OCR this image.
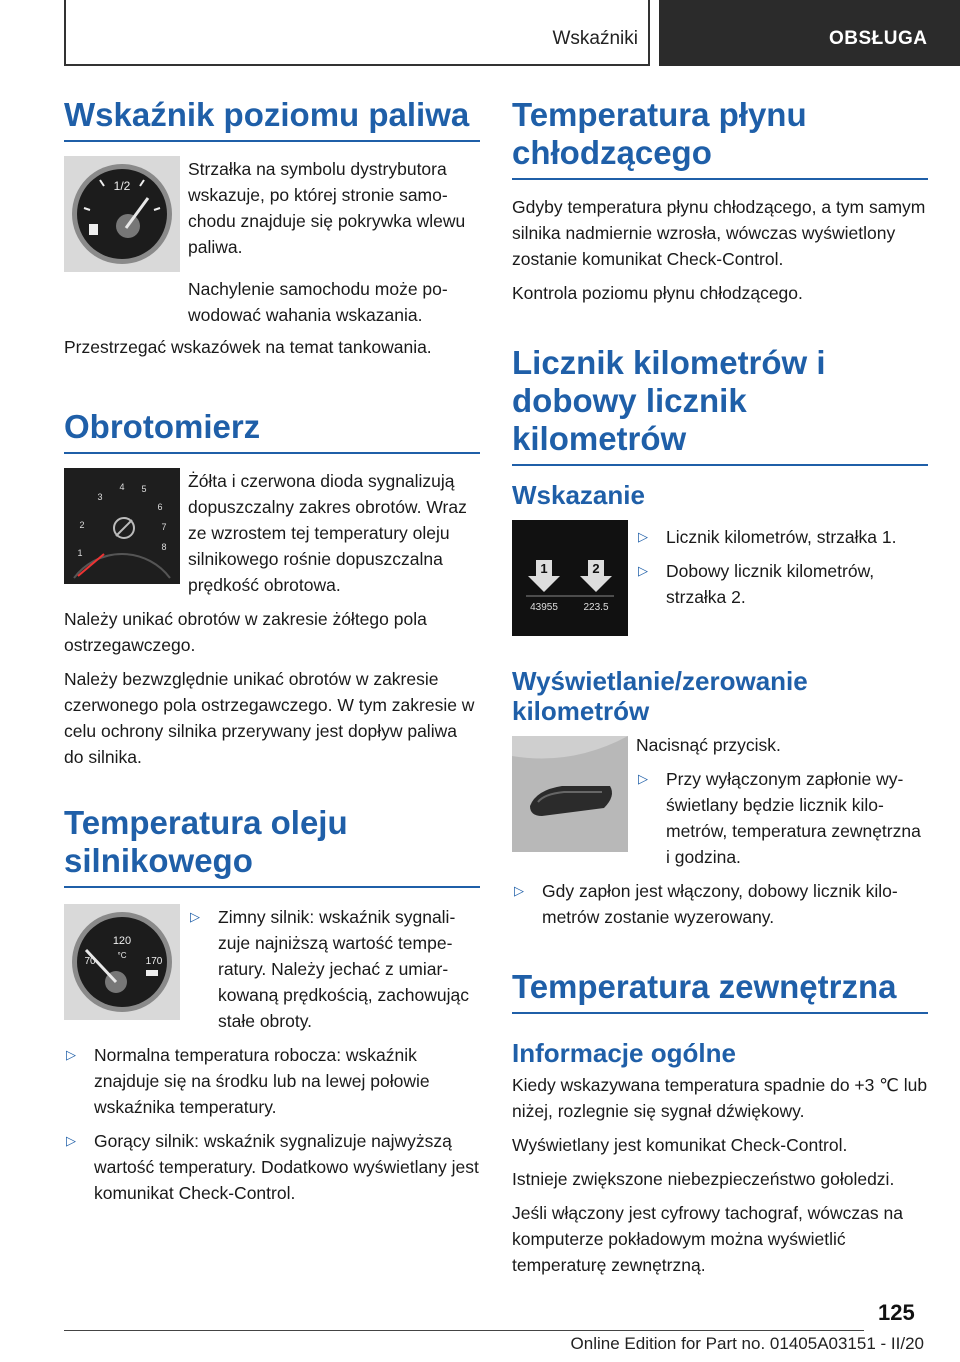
Wskaźniki	OBSŁUGA
Wskaźnik poziomu paliwa
1/2

Strzałka na symbolu dystrybutora wskazuje, po której stronie samochodu znajduje się pokrywka wlewu paliwa.

Nachylenie samochodu może powodować wahania wskazania.

Przestrzegać wskazówek na temat tankowania.

Obrotomierz
1
2
3
4 5
6
7
8

Żółta i czerwona dioda sygnalizują dopuszczalny zakres obrotów. Wraz ze wzrostem tej temperatury oleju silnikowego rośnie dopuszczalna prędkość obrotowa.

Należy unikać obrotów w zakresie żółtego pola ostrzegawczego.

Należy bezwzględnie unikać obrotów w zakresie czerwonego pola ostrzegawczego. W tym zakresie w celu ochrony silnika przerywany jest dopływ paliwa do silnika.

Temperatura oleju silnikowego
120
°C
70	170
▷ Zimny silnik: wskaźnik sygnalizuje najniższą wartość temperatury. Należy jechać z umiarkowaną prędkością, zachowując stałe obroty.
▷ Normalna temperatura robocza: wskaźnik znajduje się na środku lub na lewej połowie wskaźnika temperatury.
▷ Gorący silnik: wskaźnik sygnalizuje najwyższą wartość temperatury. Dodatkowo wyświetlany jest komunikat Check-Control.
Temperatura płynu chłodzącego

Gdyby temperatura płynu chłodzącego, a tym samym silnika nadmiernie wzrosła, wówczas wyświetlony zostanie komunikat Check-Control.

Kontrola poziomu płynu chłodzącego.

Licznik kilometrów i dobowy licznik kilometrów
Wskazanie
1	2
43955	223.5
▷ Licznik kilometrów, strzałka 1.
▷ Dobowy licznik kilometrów, strzałka 2.
Wyświetlanie/zerowanie kilometrów

Nacisnąć przycisk.

▷ Przy wyłączonym zapłonie wyświetlany będzie licznik kilometrów, temperatura zewnętrzna i godzina.
▷ Gdy zapłon jest włączony, dobowy licznik kilometrów zostanie wyzerowany.
Temperatura zewnętrzna
Informacje ogólne

Kiedy wskazywana temperatura spadnie do +3 ℃ lub niżej, rozlegnie się sygnał dźwiękowy.

Wyświetlany jest komunikat Check-Control.

Istnieje zwiększone niebezpieczeństwo gołoledzi.

Jeśli włączony jest cyfrowy tachograf, wówczas na komputerze pokładowym można wyświetlić temperaturę zewnętrzną.

125
Online Edition for Part no. 01405A03151 - II/20
